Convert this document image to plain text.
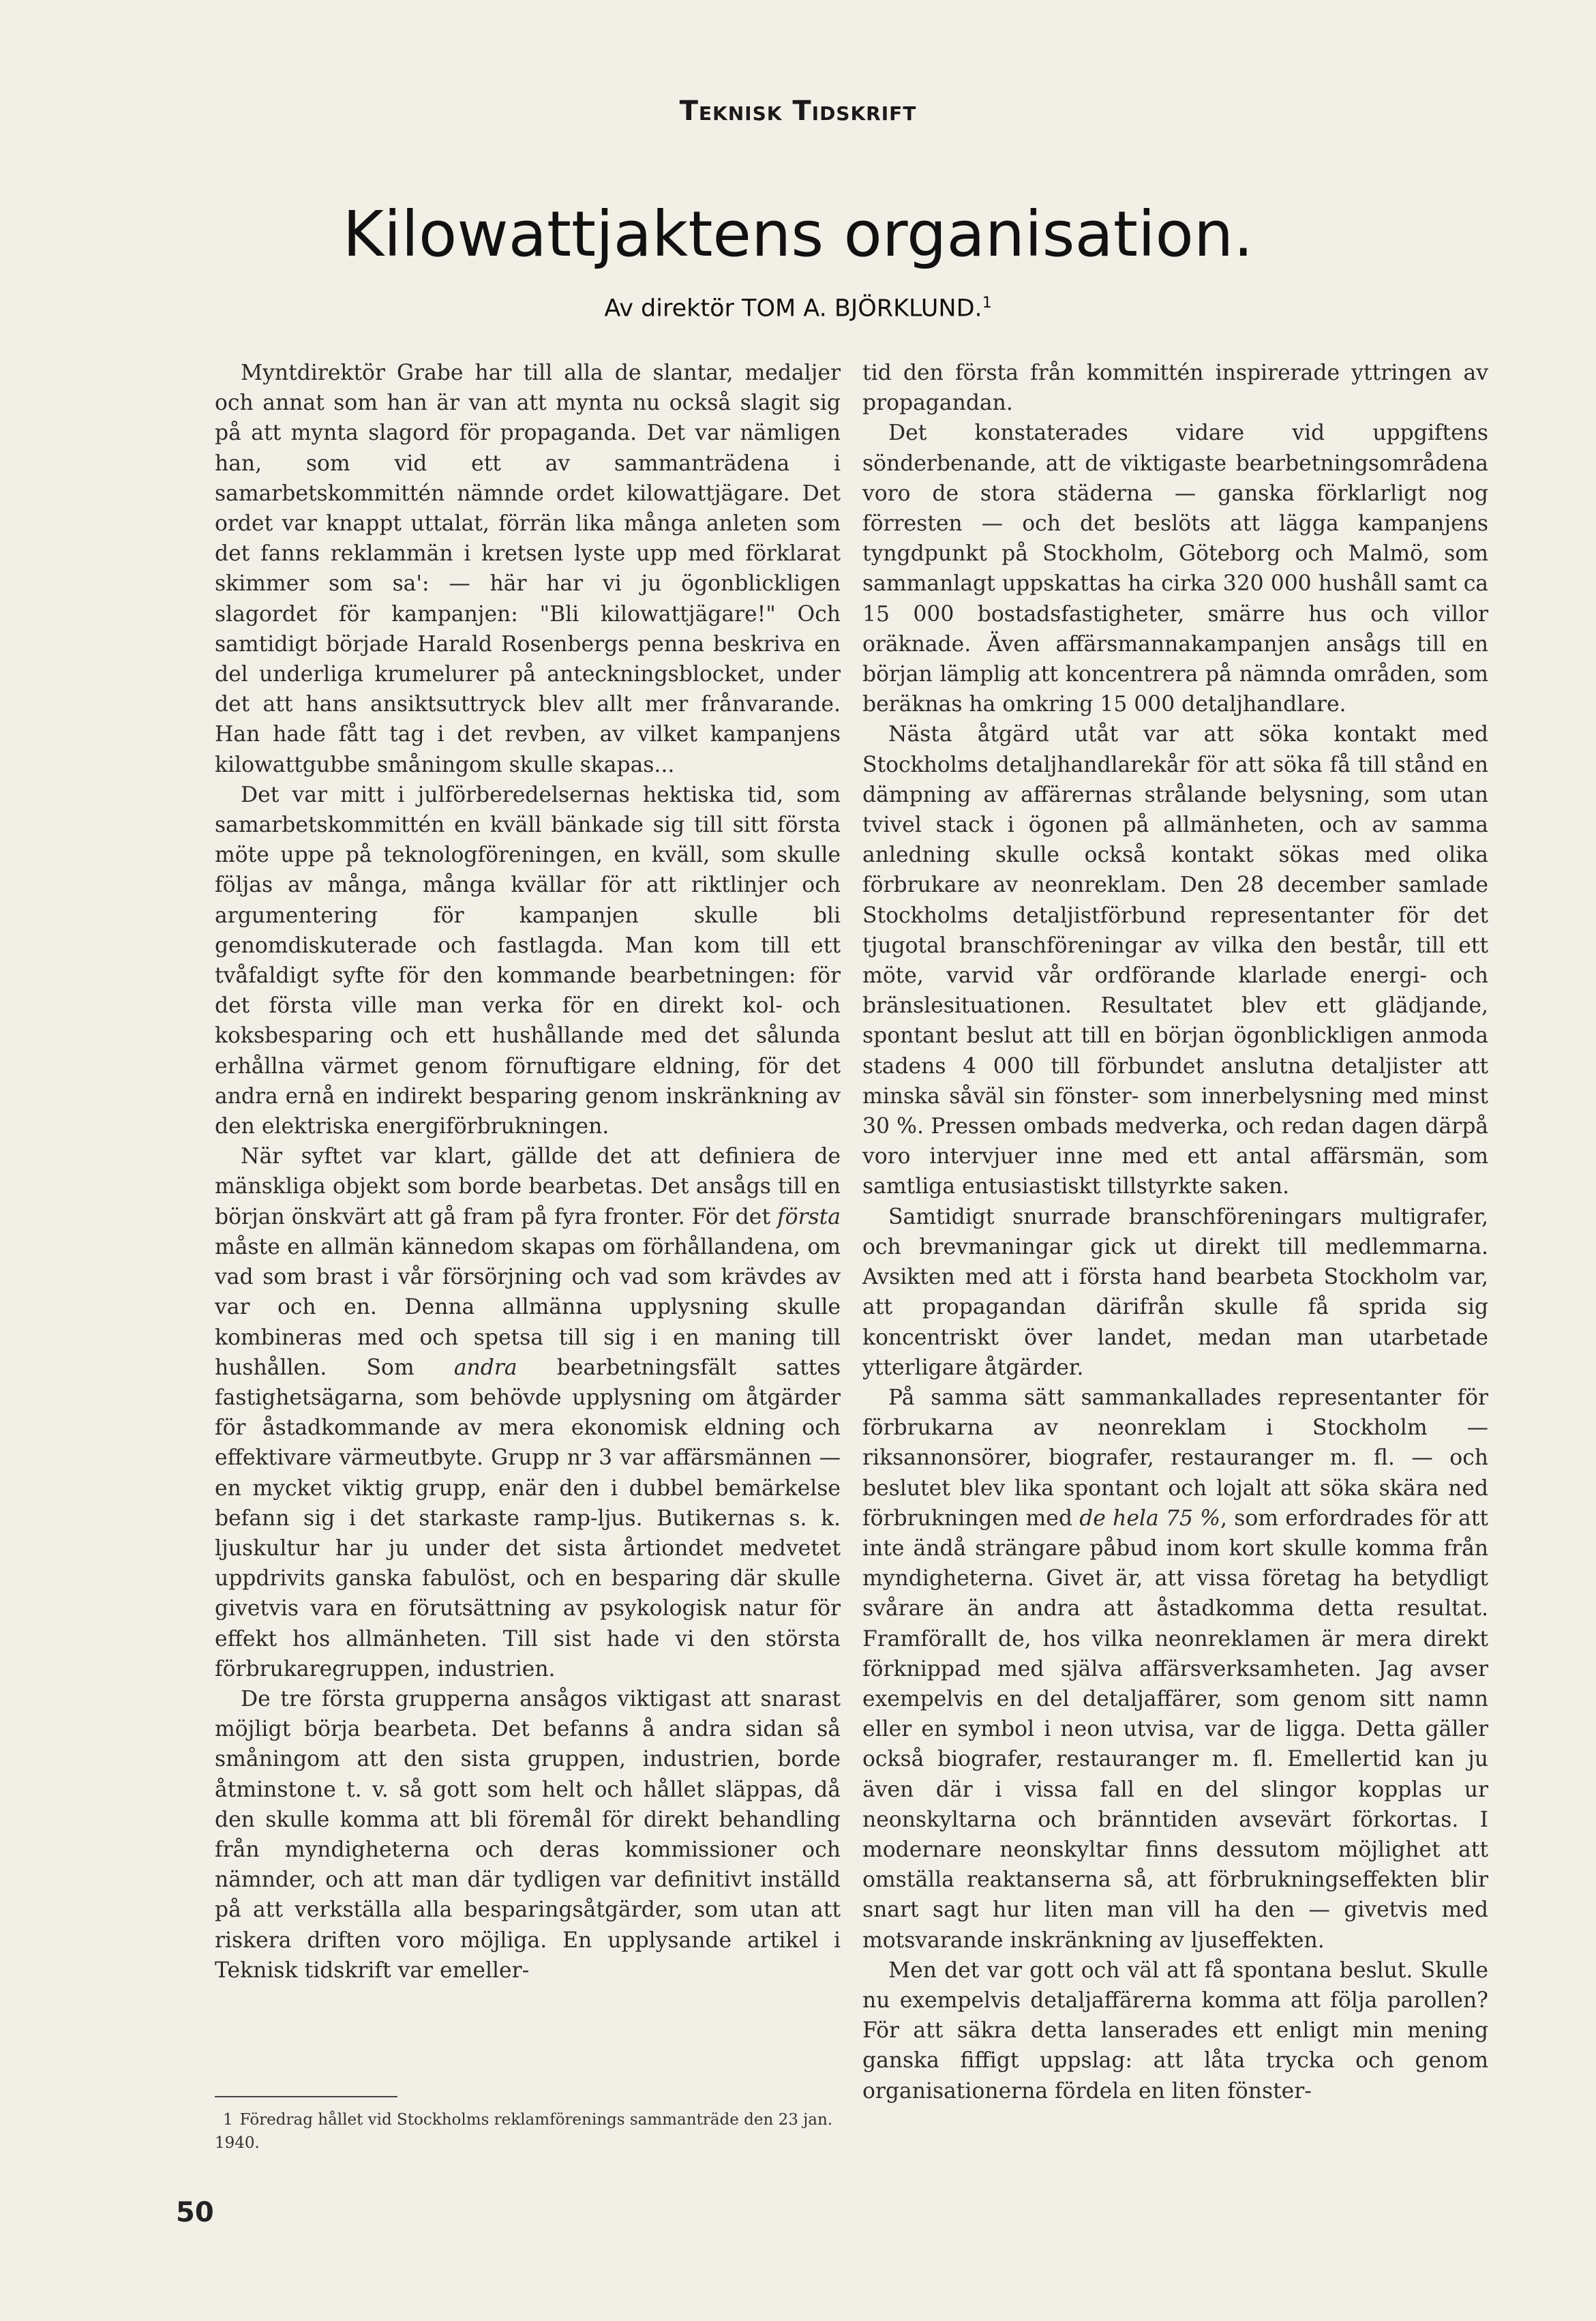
Teknisk Tidskrift
Kilowattjaktens organisation.
Av direktör TOM A. BJÖRKLUND.$^1$

Myntdirektör Grabe har till alla de slantar, medaljer och annat som han är van att mynta nu också slagit sig på att mynta slagord för propaganda. Det var nämligen han, som vid ett av sammanträdena i samarbetskommittén nämnde ordet kilowattjägare. Det ordet var knappt uttalat, förrän lika många anleten som det fanns reklammän i kretsen lyste upp med förklarat skimmer som sa': — här har vi ju ögonblickligen slagordet för kampanjen: "Bli kilowattjägare!" Och samtidigt började Harald Rosenbergs penna beskriva en del underliga krumelurer på anteckningsblocket, under det att hans ansiktsuttryck blev allt mer frånvarande. Han hade fått tag i det revben, av vilket kampanjens kilowattgubbe småningom skulle skapas...

Det var mitt i julförberedelsernas hektiska tid, som samarbetskommittén en kväll bänkade sig till sitt första möte uppe på teknologföreningen, en kväll, som skulle följas av många, många kvällar för att riktlinjer och argumentering för kampanjen skulle bli genomdiskuterade och fastlagda. Man kom till ett tvåfaldigt syfte för den kommande bearbetningen: för det första ville man verka för en direkt kol- och koksbesparing och ett hushållande med det sålunda erhållna värmet genom förnuftigare eldning, för det andra ernå en indirekt besparing genom inskränkning av den elektriska energiförbrukningen.

När syftet var klart, gällde det att definiera de mänskliga objekt som borde bearbetas. Det ansågs till en början önskvärt att gå fram på fyra fronter. För det första måste en allmän kännedom skapas om förhållandena, om vad som brast i vår försörjning och vad som krävdes av var och en. Denna allmänna upplysning skulle kombineras med och spetsa till sig i en maning till hushållen. Som andra bearbetningsfält sattes fastighetsägarna, som behövde upplysning om åtgärder för åstadkommande av mera ekonomisk eldning och effektivare värmeutbyte. Grupp nr 3 var affärsmännen — en mycket viktig grupp, enär den i dubbel bemärkelse befann sig i det starkaste ramp-ljus. Butikernas s. k. ljuskultur har ju under det sista årtiondet medvetet uppdrivits ganska fabulöst, och en besparing där skulle givetvis vara en förutsättning av psykologisk natur för effekt hos allmänheten. Till sist hade vi den största förbrukaregruppen, industrien.

De tre första grupperna ansågos viktigast att snarast möjligt börja bearbeta. Det befanns å andra sidan så småningom att den sista gruppen, industrien, borde åtminstone t. v. så gott som helt och hållet släppas, då den skulle komma att bli föremål för direkt behandling från myndigheterna och deras kommissioner och nämnder, och att man där tydligen var definitivt inställd på att verkställa alla besparingsåtgärder, som utan att riskera driften voro möjliga. En upplysande artikel i Teknisk tidskrift var emeller-

tid den första från kommittén inspirerade yttringen av propagandan.

Det konstaterades vidare vid uppgiftens sönderbenande, att de viktigaste bearbetningsområdena voro de stora städerna — ganska förklarligt nog förresten — och det beslöts att lägga kampanjens tyngdpunkt på Stockholm, Göteborg och Malmö, som sammanlagt uppskattas ha cirka 320 000 hushåll samt ca 15 000 bostadsfastigheter, smärre hus och villor oräknade. Även affärsmannakampanjen ansågs till en början lämplig att koncentrera på nämnda områden, som beräknas ha omkring 15 000 detaljhandlare.

Nästa åtgärd utåt var att söka kontakt med Stockholms detaljhandlarekår för att söka få till stånd en dämpning av affärernas strålande belysning, som utan tvivel stack i ögonen på allmänheten, och av samma anledning skulle också kontakt sökas med olika förbrukare av neonreklam. Den 28 december samlade Stockholms detaljistförbund representanter för det tjugotal branschföreningar av vilka den består, till ett möte, varvid vår ordförande klarlade energi- och bränslesituationen. Resultatet blev ett glädjande, spontant beslut att till en början ögonblickligen anmoda stadens 4 000 till förbundet anslutna detaljister att minska såväl sin fönster- som innerbelysning med minst 30 %. Pressen ombads medverka, och redan dagen därpå voro intervjuer inne med ett antal affärsmän, som samtliga entusiastiskt tillstyrkte saken.

Samtidigt snurrade branschföreningars multigrafer, och brevmaningar gick ut direkt till medlemmarna. Avsikten med att i första hand bearbeta Stockholm var, att propagandan därifrån skulle få sprida sig koncentriskt över landet, medan man utarbetade ytterligare åtgärder.

På samma sätt sammankallades representanter för förbrukarna av neonreklam i Stockholm — riksannonsörer, biografer, restauranger m. fl. — och beslutet blev lika spontant och lojalt att söka skära ned förbrukningen med de hela 75 %, som erfordrades för att inte ändå strängare påbud inom kort skulle komma från myndigheterna. Givet är, att vissa företag ha betydligt svårare än andra att åstadkomma detta resultat. Framförallt de, hos vilka neonreklamen är mera direkt förknippad med själva affärsverksamheten. Jag avser exempelvis en del detaljaffärer, som genom sitt namn eller en symbol i neon utvisa, var de ligga. Detta gäller också biografer, restauranger m. fl. Emellertid kan ju även där i vissa fall en del slingor kopplas ur neonskyltarna och bränntiden avsevärt förkortas. I modernare neonskyltar finns dessutom möjlighet att omställa reaktanserna så, att förbrukningseffekten blir snart sagt hur liten man vill ha den — givetvis med motsvarande inskränkning av ljuseffekten.

Men det var gott och väl att få spontana beslut. Skulle nu exempelvis detaljaffärerna komma att följa parollen? För att säkra detta lanserades ett enligt min mening ganska fiffigt uppslag: att låta trycka och genom organisationerna fördela en liten fönster-

1 Föredrag hållet vid Stockholms reklamförenings sammanträde den 23 jan. 1940.
50
